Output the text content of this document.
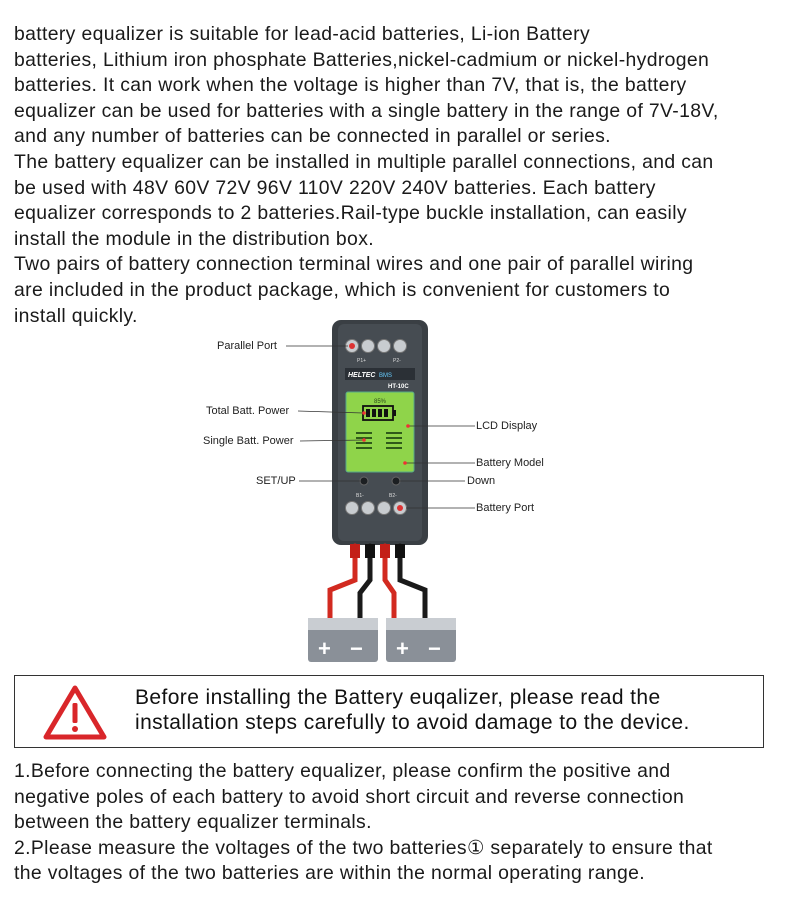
battery equalizer is suitable for lead-acid batteries, Li-ion Battery
batteries, Lithium iron phosphate Batteries,nickel-cadmium or nickel-hydrogen
batteries. It can work when the voltage is higher than 7V, that is, the battery
equalizer can be used for batteries with a single battery in the range of 7V-18V,
and any number of batteries can be connected in parallel or series.
The battery equalizer can be installed in multiple parallel connections, and can
be used with 48V 60V 72V 96V 110V 220V 240V batteries. Each battery
equalizer corresponds to 2 batteries.Rail-type buckle installation, can easily
install the module in the distribution box.
Two pairs of battery connection terminal wires and one pair of parallel wiring
are included in the product package, which is convenient for customers to
install quickly.

P1+	P2-
HELTEC BMS
HT-10C
85%
B1-	B2-
+ − + −
Parallel Port
Total Batt. Power
Single Batt. Power
SET/UP
LCD Display
Battery Model
Down
Battery Port
Before installing the Battery euqalizer, please read the
installation steps carefully to avoid damage to the device.

1.Before connecting the battery equalizer, please confirm the positive and
negative poles of each battery to avoid short circuit and reverse connection
between the battery equalizer terminals.
2.Please measure the voltages of the two batteries① separately to ensure that
the voltages of the two batteries are within the normal operating range.
